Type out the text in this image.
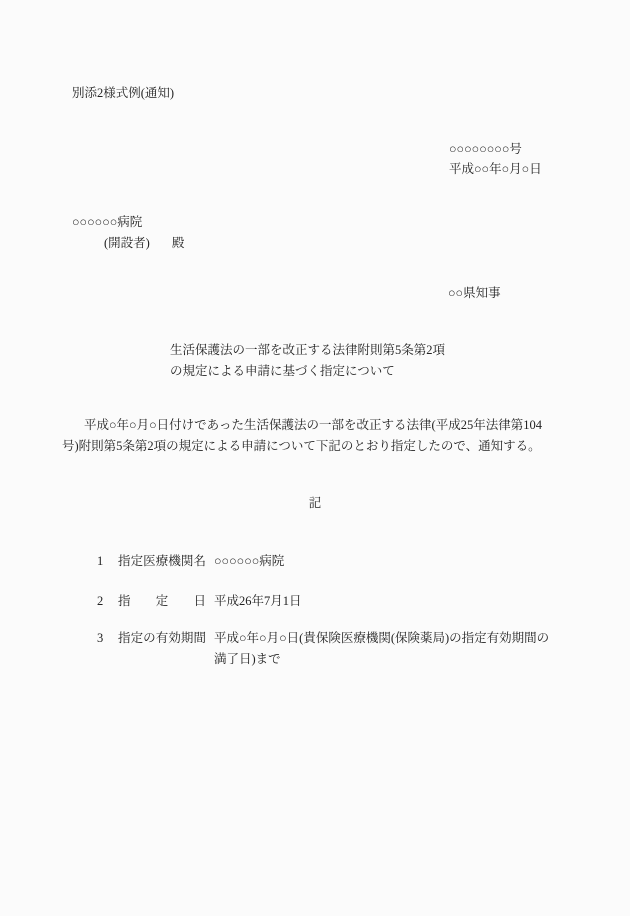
別添2様式例(通知)
○○○○○○○○号
平成○○年○月○日
○○○○○○病院
(開設者) 殿
○○県知事
生活保護法の一部を改正する法律附則第5条第2項
の規定による申請に基づく指定について
平成○年○月○日付けであった生活保護法の一部を改正する法律(平成25年法律第104
号)附則第5条第2項の規定による申請について下記のとおり指定したので、通知する。
記
1 指定医療機関名 ○○○○○○病院
2 指定日 平成26年7月1日
3 指定の有効期間 平成○年○月○日(貴保険医療機関(保険薬局)の指定有効期間の
満了日)まで
